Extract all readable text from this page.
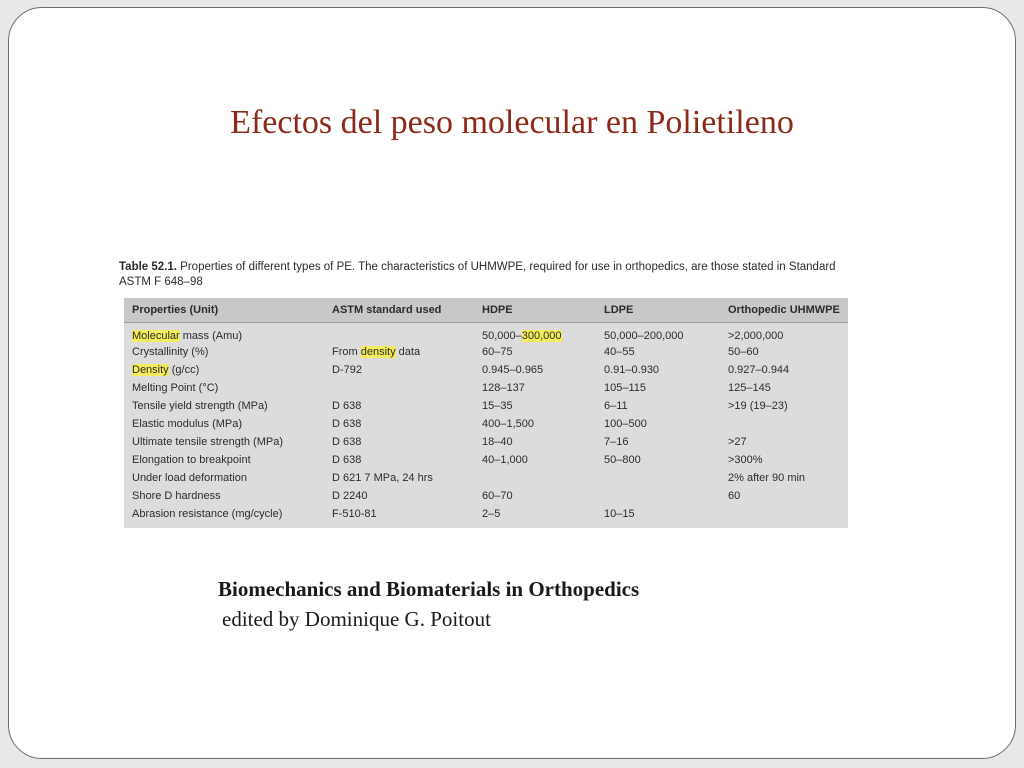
Efectos del peso molecular en Polietileno
Table 52.1. Properties of different types of PE. The characteristics of UHMWPE, required for use in orthopedics, are those stated in Standard ASTM F 648–98
Properties (Unit)	ASTM standard used	HDPE	LDPE	Orthopedic UHMWPE
Molecular mass (Amu)		50,000–300,000	50,000–200,000	>2,000,000
Crystallinity (%)	From density data	60–75	40–55	50–60
Density (g/cc)	D-792	0.945–0.965	0.91–0.930	0.927–0.944
Melting Point (°C)		128–137	105–115	125–145
Tensile yield strength (MPa)	D 638	15–35	6–11	>19 (19–23)
Elastic modulus (MPa)	D 638	400–1,500	100–500	
Ultimate tensile strength (MPa)	D 638	18–40	7–16	>27
Elongation to breakpoint	D 638	40–1,000	50–800	>300%
Under load deformation	D 621 7 MPa, 24 hrs			2% after 90 min
Shore D hardness	D 2240	60–70		60
Abrasion resistance (mg/cycle)	F-510-81	2–5	10–15	
Biomechanics and Biomaterials in Orthopedics
edited by Dominique G. Poitout
